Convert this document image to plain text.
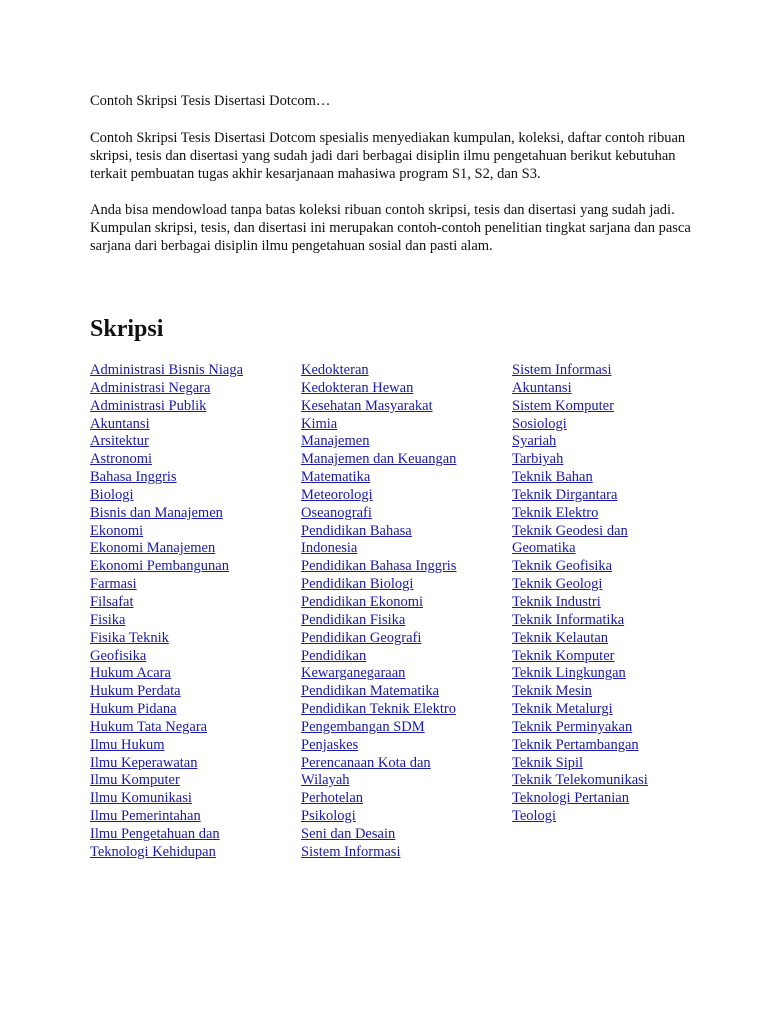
Contoh Skripsi Tesis Disertasi Dotcom…

Contoh Skripsi Tesis Disertasi Dotcom spesialis menyediakan kumpulan, koleksi, daftar contoh ribuan skripsi, tesis dan disertasi yang sudah jadi dari berbagai disiplin ilmu pengetahuan berikut kebutuhan terkait pembuatan tugas akhir kesarjanaan mahasiwa program S1, S2, dan S3.

Anda bisa mendowload tanpa batas koleksi ribuan contoh skripsi, tesis dan disertasi yang sudah jadi. Kumpulan skripsi, tesis, dan disertasi ini merupakan contoh-contoh penelitian tingkat sarjana dan pasca sarjana dari berbagai disiplin ilmu pengetahuan sosial dan pasti alam.

Skripsi
Administrasi Bisnis Niaga
Administrasi Negara
Administrasi Publik
Akuntansi
Arsitektur
Astronomi
Bahasa Inggris
Biologi
Bisnis dan Manajemen
Ekonomi
Ekonomi Manajemen
Ekonomi Pembangunan
Farmasi
Filsafat
Fisika
Fisika Teknik
Geofisika
Hukum Acara
Hukum Perdata
Hukum Pidana
Hukum Tata Negara
Ilmu Hukum
Ilmu Keperawatan
Ilmu Komputer
Ilmu Komunikasi
Ilmu Pemerintahan
Ilmu Pengetahuan dan
Teknologi Kehidupan
Kedokteran
Kedokteran Hewan
Kesehatan Masyarakat
Kimia
Manajemen
Manajemen dan Keuangan
Matematika
Meteorologi
Oseanografi
Pendidikan Bahasa
Indonesia
Pendidikan Bahasa Inggris
Pendidikan Biologi
Pendidikan Ekonomi
Pendidikan Fisika
Pendidikan Geografi
Pendidikan
Kewarganegaraan
Pendidikan Matematika
Pendidikan Teknik Elektro
Pengembangan SDM
Penjaskes
Perencanaan Kota dan
Wilayah
Perhotelan
Psikologi
Seni dan Desain
Sistem Informasi
Sistem Informasi
Akuntansi
Sistem Komputer
Sosiologi
Syariah
Tarbiyah
Teknik Bahan
Teknik Dirgantara
Teknik Elektro
Teknik Geodesi dan
Geomatika
Teknik Geofisika
Teknik Geologi
Teknik Industri
Teknik Informatika
Teknik Kelautan
Teknik Komputer
Teknik Lingkungan
Teknik Mesin
Teknik Metalurgi
Teknik Perminyakan
Teknik Pertambangan
Teknik Sipil
Teknik Telekomunikasi
Teknologi Pertanian
Teologi
